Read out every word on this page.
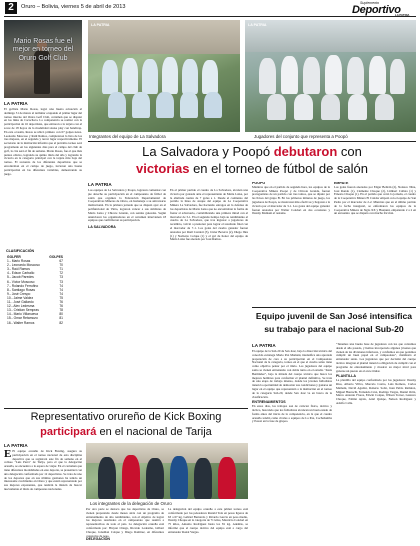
2	Oruro – Bolivia, viernes 5 de abril de 2013
Suplemento
Deportivo
LA PATRIA
Mario Rosas fue el mejor en torneo del Oruro Golf Club
LA PATRIA
El golfista Mario Rosas, logró una buena actuación el domingo 31 de marzo al terminar ocupando el primer lugar del torneo interno del Oruro Golf Club, certamen que se disputó en los links de Cacachaca. La competencia se realizó con la participación de 16 deportistas, que entraron a la tarjeta con el score de 18 hoyos de la modalidad stroke play con handicap. En esta ocasión, Rosas se ubicó primero con 67 golpes netos. Leonardo Moscoso y Raúl Ramos, completaron la lista de los tres mejores, en el segundo y tercer lugar respectivamente. El secretario de la institución informó que el próximo torneo será programado en los siguientes días para el campo del club de golf, la cita será el fin de semana. Mario Rosas, fue el que más puntos obtuvo, logrando su quinto título del año y logrando la victoria en la categoría principal con la tarjeta más baja del torneo. El recuento de los diferentes deportistas que se encontraban en el campo de juego, tuvieron una buena participación en las diferentes variables, demostrando su juego.
CLASIFICACIÓN
GOLFER	GOLPES
1.- Mario Rosas	67
2.- Leonardo Moscoso	70
3.- Raúl Ramos	71
4.- Edson Carballo	72
5.- Jacob Paredes	73
6.- Víctor Moscoso	73
7.- Rolando Ferrufino	74
8.- Santiago Rosas	74
9.- José Crespo	74
10.- Jaime Valdez	75
11.- José Gallardo	76
12.- Alex Ledesma	76
13.- Cristian Sempras	78
14.- Mario Villanueva	80
15.- Omar Retamozo	81
16.- Walter Ramos	82
LA PATRIA
Integrantes del equipo de La Salvadora
LA PATRIA
Jugadores del conjunto que representa a Poopó
La Salvadora y Poopó debutaron con
victorias en el torneo de fútbol de salón
LA PATRIA
Los equipos de La Salvadora y Poopó, lograron comenzar con pie derecho su participación en el campeonato de fútbol de salón que organiza la Federación Departamental de Cooperativas Mineras de Oruro, en homenaje a su aniversario institucional. En la primera jornada que se disputó ayer en el polifuncional de Vinto, lograron vencer a sus similares de María Luisa y Chicote Grande, con sendas goleadas. Según anunciaron los organizadores en el certamen intervienen 18 equipos que confirmaron su participación.
LA SALVADORA
En el primer partido el cuadro de La Salvadora, alcanzó una victoria por goleada ante el representante de María Luisa, por la abultada cuenta de 7 goles a 1. Desde el comienzo del partido la línea de ataque del equipo de La Cooperativa Minera La Salvadora, fue haciendo estragos en la defensa de los deportistas de María Luisa que no encontraban la forma de frenar al adversario, contabilizando una primera mitad con el marcador de 3-1. En el segundo tiempo bajó su rendimiento el cuadro de La Salvadora, que tras ingresar a jugadores de recambio, volvió a presionar para lograr el resultado final con el marcador de 7-1. Los goles del cuadro ganador fueron anotados por Raúl Condori (3), Javier Becerra (2), Diego Illes (1) y Norberto Colque (1) y el gol de honor del equipo de María Luisa fue anotado por José Ramos.
POOPÓ
Mientras que en el partido de segunda hora, los equipos de la Cooperativa Minera Poopó y de Chicote Grande, fueron protagonistas de un partido con tres tantos, que se diputó por las llaves del grupo B. En los primeros minutos de juego, los jugadores de Poopó, se mostraron más efectivos y llegaron a la victoria por el marcador de 3-1. Los goles del equipo ganador fueron anotados por Walter Condori en dos ocasiones y Jhonny Mamani el restante.
EMPATE
Los goles fueron anotados por Edgar Beltrán (2), Nolasco Nina, José Rondo (1), Clemente Choque (2), Limbert Callata (1) y Ernesto Choque (1). En el partido que cerró la jornada, el cuadro de la Cooperativa Minera El Cóndor empató con el equipo de San Pedro por el marcador de 2-2. Mientras que en el último partido de la fecha inaugural, se enfrentaron los equipos de la Cooperativa Minera de Siglo XX y Huanuni, empatando 2 a 2 en un encuentro que se disputó con mucha fricción.
Equipo juvenil de San José intensifica
su trabajo para el nacional Sub-20
LA PATRIA
El equipo de la Sub-20 de San José, bajo la dirección técnica del conocido estratega Mario Paz Mamani, intensifica una apretada preparación de cara a su participación en el Campeonato Nacional de la categoría, torneo en el que el cuadro santo tiene como objetivo pelear por el título. Los jugadores del equipo santo se vienen entrenando con doble turno en el estadio "Jesús Bermúdez", bajo la mirada del cuerpo técnico que busca los mejores hombres para conformar el plantel definitivo. Se trata de una etapa de trabajo intenso, donde los jóvenes futbolistas tienen la oportunidad de demostrar sus condiciones y ganarse un lugar en el equipo que representará a la institución en el torneo de la categoría Sub-20, donde San José va en busca de la clasificación.
ENTRENAMIENTOS
En estos días, los trabajos son de carácter físico, técnico y táctico, buscando que los futbolistas alcancen un buen estado de forma antes del inicio de la competencia, en la que el cuadro orureño tendrá como rivales a equipos de La Paz, Cochabamba y Potosí en la fase de grupos.
"Tenemos una buena base de jugadores con los que contamos desde el año pasado, y hemos incorporado algunos jóvenes que vienen de las divisiones inferiores, y confiamos en que podamos cumplir un buen papel en el campeonato", manifestó el entrenador santo. Los jugadores que por decisión del cuerpo técnico integran el plantel tienen la obligación de cumplir con el programa de entrenamiento y mostrar su mejor nivel para ganarse un puesto en el once titular.
PLANTILLA
La plantilla del equipo conformado por los jugadores: Jhonny Ríos, Alberto Villca, Marcelo Castro, Luis Romero, Carlos Mamani, David Aguilar, Roberto Soliz, Juan Pablo Ramírez, Miguel Huarachi, Fernando Cruz, Rodrigo Vargas, Daniel Ortiz, Marco Antonio Flores, Edwin Colque, Wilson Torrez, Gustavo Choque, Fabián Ayala, Ariel Quispe, Nelson Rodríguez y Adolfo Calle.
Representativo orureño de Kick Boxing
participará en el nacional de Tarija
LA PATRIA
E El equipo orureño de Kick Boxing, asegura su participación en el torneo nacional de esta disciplina deportiva que se registrará este fin de semana en el coliseo "Luis Parra" de Tarija, para el que la delegación orureña, se encuentra a la espera de viajar. En el certamen que tiene diferentes modalidades en este deporte, se presentará con una delegación conformada por 12 deportistas. Se trata de uno de los deportes que en sus últimas gestiones ha tenido un interesante crecimiento en Oruro y que estará representado por sus mejores exponentes, que tendrán la misión de buscar nuevamente el título de campeones nacionales.
Los integrantes de la delegación de Oruro
Por otra parte se destaca que los deportistas de Oruro, se vienen preparando desde meses atrás con un programa de entrenamiento de alto rendimiento, con el objetivo de lograr los mejores resultados en el campeonato que reunirá a representativos de todo el país. La delegación orureña está conformada por: Brayan Ortega, Ricardo Ledesma, Gilbert Choque, Jonathan Colque y Diego Ramírez, en diferentes categorías de peso.
DELEGACIÓN
La delegación del equipo orureño a este primer torneo está conformado por los peleadores Ronald Tola en pesos ligeros de 63 a 67 kg, Gabriel Bernardo y Ricardo García en peso medio, Jhonny Choque en la categoría de 71 kilos, Mauricio Condori en 75 kilos, Antonio Rodríguez hasta los 81 kg. Además, se informó que el cuerpo técnico del equipo está a cargo del entrenador Ronal Vargas.
